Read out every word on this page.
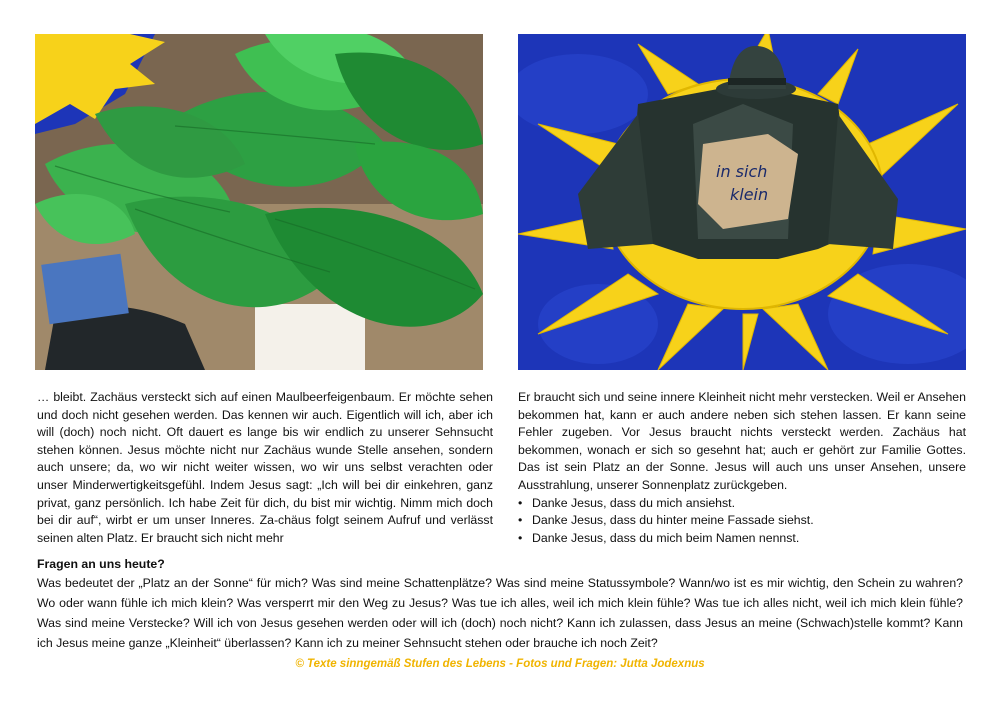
in sich
klein

… bleibt. Zachäus versteckt sich auf einen Maulbeerfeigenbaum. Er möchte sehen und doch nicht gesehen werden. Das kennen wir auch. Eigentlich will ich, aber ich will (doch) noch nicht. Oft dauert es lange bis wir endlich zu unserer Sehnsucht stehen können. Jesus möchte nicht nur Zachäus wunde Stelle ansehen, sondern auch unsere; da, wo wir nicht weiter wissen, wo wir uns selbst verachten oder unser Minderwertigkeitsgefühl. Indem Jesus sagt: „Ich will bei dir einkehren, ganz privat, ganz persönlich. Ich habe Zeit für dich, du bist mir wichtig. Nimm mich doch bei dir auf“, wirbt er um unser Inneres. Za-chäus folgt seinem Aufruf und verlässt seinen alten Platz. Er braucht sich nicht mehr

Er braucht sich und seine innere Kleinheit nicht mehr verstecken. Weil er Ansehen bekommen hat, kann er auch andere neben sich stehen lassen. Er kann seine Fehler zugeben. Vor Jesus braucht nichts versteckt werden. Zachäus hat bekommen, wonach er sich so gesehnt hat; auch er gehört zur Familie Gottes. Das ist sein Platz an der Sonne. Jesus will auch uns unser Ansehen, unsere Ausstrahlung, unserer Sonnenplatz zurückgeben.

• Danke Jesus, dass du mich ansiehst.
• Danke Jesus, dass du hinter meine Fassade siehst.
• Danke Jesus, dass du mich beim Namen nennst.
Fragen an uns heute?

Was bedeutet der „Platz an der Sonne“ für mich? Was sind meine Schattenplätze? Was sind meine Statussymbole? Wann/wo ist es mir wichtig, den Schein zu wahren? Wo oder wann fühle ich mich klein? Was versperrt mir den Weg zu Jesus? Was tue ich alles, weil ich mich klein fühle? Was tue ich alles nicht, weil ich mich klein fühle? Was sind meine Verstecke? Will ich von Jesus gesehen werden oder will ich (doch) noch nicht? Kann ich zulassen, dass Jesus an meine (Schwach)stelle kommt? Kann ich Jesus meine ganze „Kleinheit“ überlassen? Kann ich zu meiner Sehnsucht stehen oder brauche ich noch Zeit?

© Texte sinngemäß Stufen des Lebens - Fotos und Fragen: Jutta Jodexnus
